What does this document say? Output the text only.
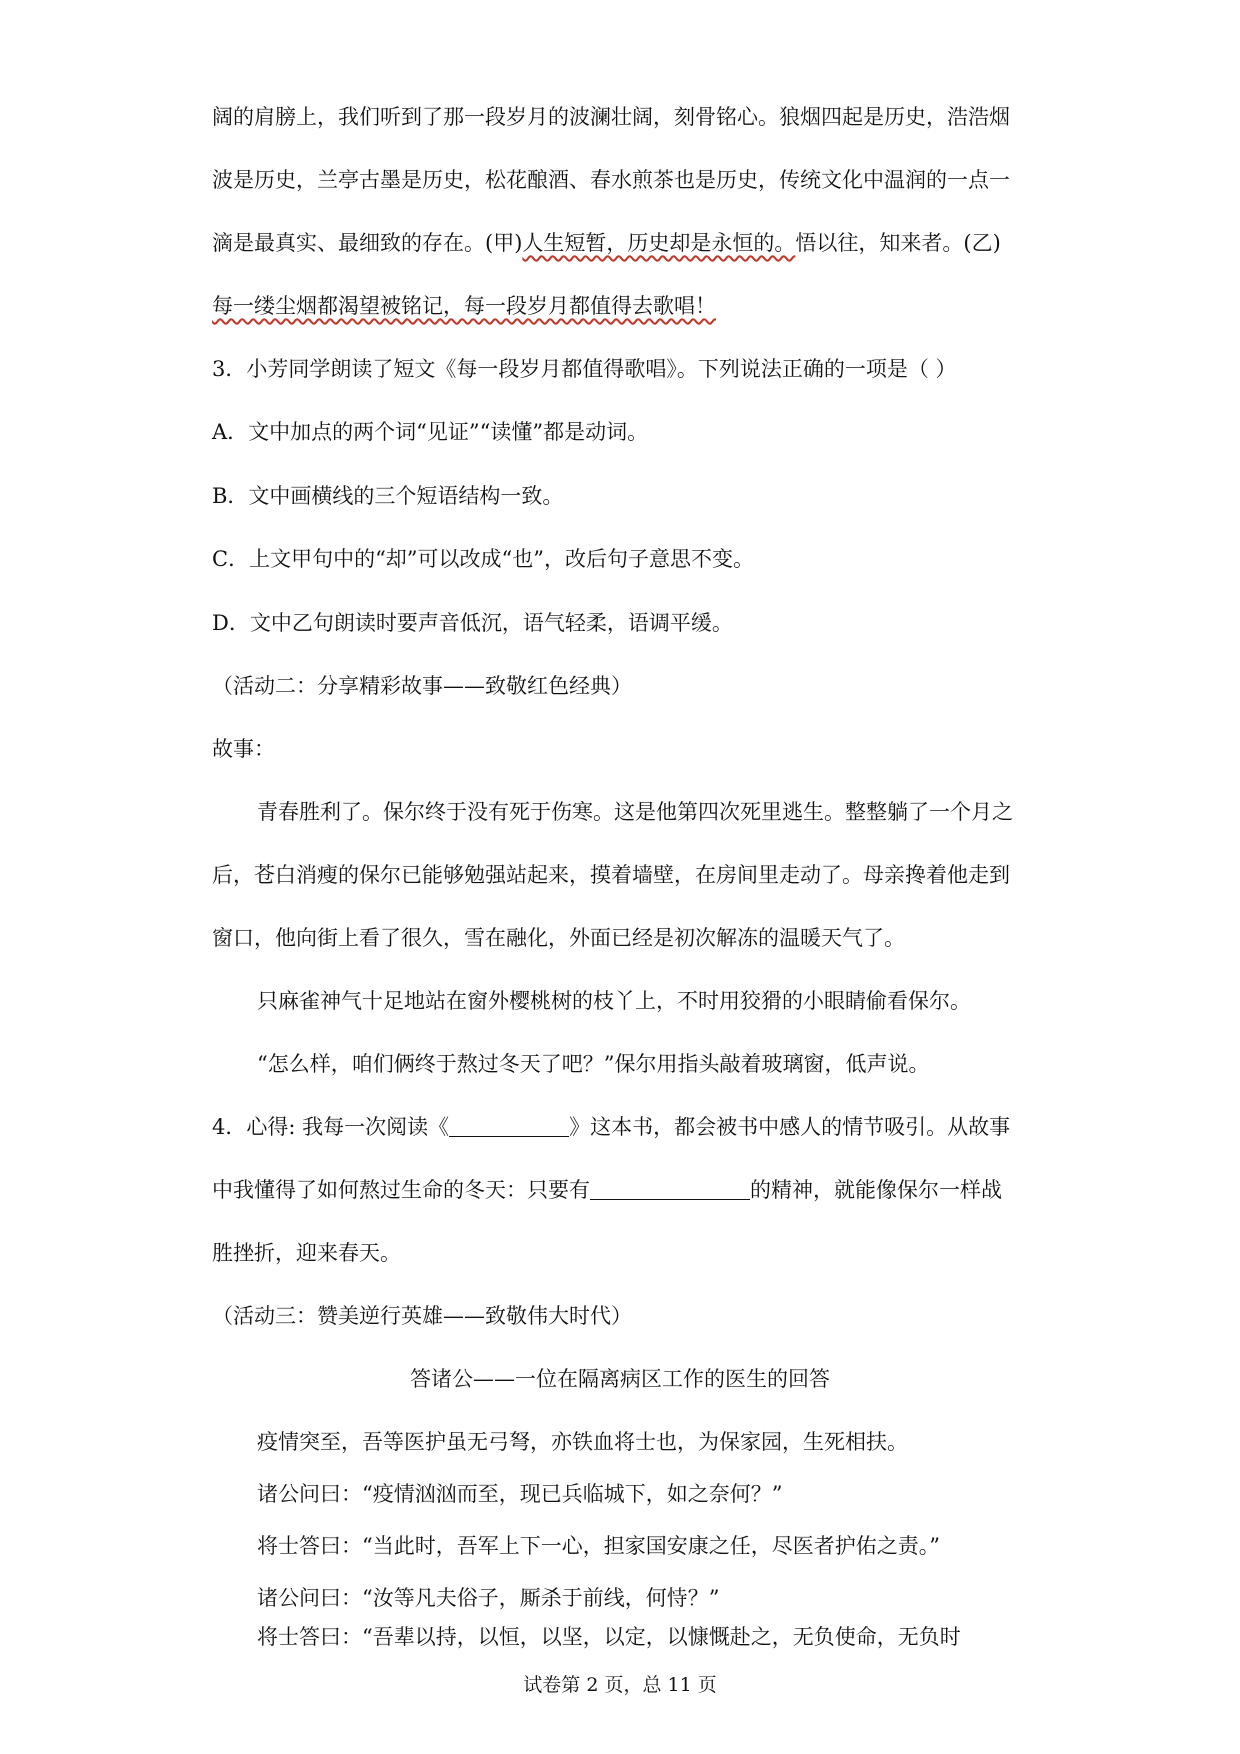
阔的肩膀上，我们听到了那一段岁月的波澜壮阔，刻骨铭心。狼烟四起是历史，浩浩烟
波是历史，兰亭古墨是历史，松花酿酒、春水煎茶也是历史，传统文化中温润的一点一
滴是最真实、最细致的存在。(甲)人生短暂，历史却是永恒的。悟以往，知来者。(乙)
每一缕尘烟都渴望被铭记，每一段岁月都值得去歌唱！
3．小芳同学朗读了短文《每一段岁月都值得歌唱》。下列说法正确的一项是（ ）
A．文中加点的两个词“见证”“读懂”都是动词。
B．文中画横线的三个短语结构一致。
C．上文甲句中的“却”可以改成“也”，改后句子意思不变。
D．文中乙句朗读时要声音低沉，语气轻柔，语调平缓。
（活动二：分享精彩故事——致敬红色经典）
故事：
青春胜利了。保尔终于没有死于伤寒。这是他第四次死里逃生。整整躺了一个月之
后，苍白消瘦的保尔已能够勉强站起来，摸着墙壁，在房间里走动了。母亲搀着他走到
窗口，他向街上看了很久，雪在融化，外面已经是初次解冻的温暖天气了。
只麻雀神气十足地站在窗外樱桃树的枝丫上，不时用狡猾的小眼睛偷看保尔。
“怎么样，咱们俩终于熬过冬天了吧？”保尔用指头敲着玻璃窗，低声说。
4．心得: 我每一次阅读《	》这本书，都会被书中感人的情节吸引。从故事
中我懂得了如何熬过生命的冬天：只要有	的精神，就能像保尔一样战
胜挫折，迎来春天。
（活动三：赞美逆行英雄——致敬伟大时代）
答诸公——一位在隔离病区工作的医生的回答
疫情突至，吾等医护虽无弓弩，亦铁血将士也，为保家园，生死相扶。
诸公问曰：“疫情汹汹而至，现已兵临城下，如之奈何？”
将士答曰：“当此时，吾军上下一心，担家国安康之任，尽医者护佑之责。”
诸公问曰：“汝等凡夫俗子，厮杀于前线，何恃？”
将士答曰：“吾辈以持，以恒，以坚，以定，以慷慨赴之，无负使命，无负时
试卷第 2 页，总 11 页
